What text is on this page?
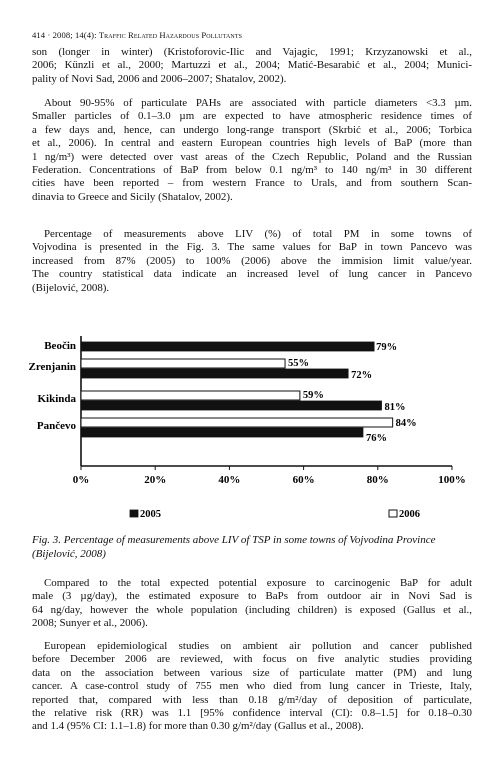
414 · 2008; 14(4): Traffic Related Hazardous Pollutants
son (longer in winter) (Kristoforovic-Ilic and Vajagic, 1991; Krzyzanowski et al.,
2006; Künzli et al., 2000; Martuzzi et al., 2004; Matić-Besarabić et al., 2004; Munici-
pality of Novi Sad, 2006 and 2006–2007; Shatalov, 2002).
About 90-95% of particulate PAHs are associated with particle diameters <3.3 µm.
Smaller particles of 0.1–3.0 µm are expected to have atmospheric residence times of
a few days and, hence, can undergo long-range transport (Skrbić et al., 2006; Torbica
et al., 2006). In central and eastern European countries high levels of BaP (more than
1 ng/m³) were detected over vast areas of the Czech Republic, Poland and the Russian
Federation. Concentrations of BaP from below 0.1 ng/m³ to 140 ng/m³ in 30 different
cities have been reported – from western France to Urals, and from southern Scan-
dinavia to Greece and Sicily (Shatalov, 2002).
Percentage of measurements above LIV (%) of total PM in some towns of
Vojvodina is presented in the Fig. 3. The same values for BaP in town Pancevo was
increased from 87% (2005) to 100% (2006) above the immision limit value/year.
The country statistical data indicate an increased level of lung cancer in Pancevo
(Bijelović, 2008).
Beočin	79%
Zrenjanin	55%
72%
Kikinda	59%
81%
Pančevo	84%
76%
0%	20%	40%	60%	80%	100%
2005	2006
Fig. 3. Percentage of measurements above LIV of TSP in some towns of Vojvodina Province (Bijelović, 2008)
Compared to the total expected potential exposure to carcinogenic BaP for adult
male (3 µg/day), the estimated exposure to BaPs from outdoor air in Novi Sad is
64 ng/day, however the whole population (including children) is exposed (Gallus et al.,
2008; Sunyer et al., 2006).
European epidemiological studies on ambient air pollution and cancer published
before December 2006 are reviewed, with focus on five analytic studies providing
data on the association between various size of particulate matter (PM) and lung
cancer. A case-control study of 755 men who died from lung cancer in Trieste, Italy,
reported that, compared with less than 0.18 g/m²/day of deposition of particulate,
the relative risk (RR) was 1.1 [95% confidence interval (CI): 0.8–1.5] for 0.18–0.30
and 1.4 (95% CI: 1.1–1.8) for more than 0.30 g/m²/day (Gallus et al., 2008).
